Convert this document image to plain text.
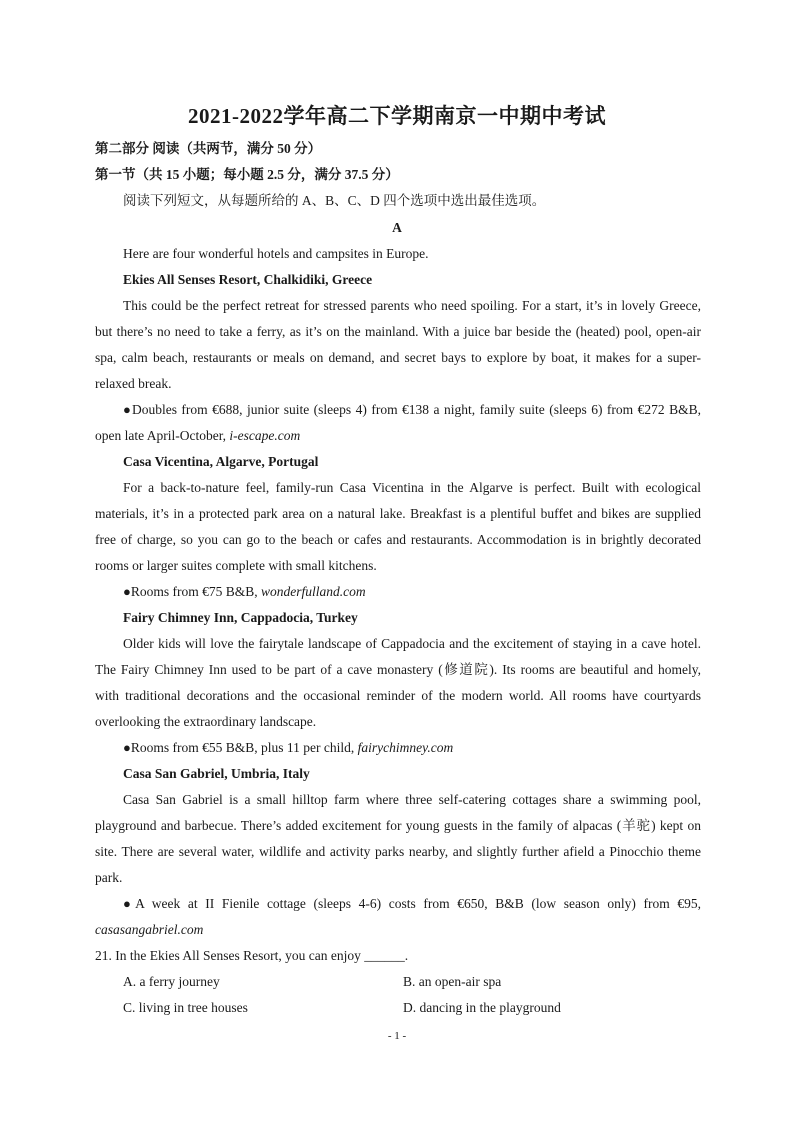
2021-2022学年高二下学期南京一中期中考试
第二部分 阅读（共两节，满分 50 分）
第一节（共 15 小题；每小题 2.5 分，满分 37.5 分）
阅读下列短文，从每题所给的 A、B、C、D 四个选项中选出最佳选项。
A
Here are four wonderful hotels and campsites in Europe.
Ekies All Senses Resort, Chalkidiki, Greece
This could be the perfect retreat for stressed parents who need spoiling. For a start, it’s in lovely Greece,
but there’s no need to take a ferry, as it’s on the mainland. With a juice bar beside the (heated) pool, open-air
spa, calm beach, restaurants or meals on demand, and secret bays to explore by boat, it makes for a super-
relaxed break.
●Doubles from €688, junior suite (sleeps 4) from €138 a night, family suite (sleeps 6) from €272 B&B,
open late April-October, i-escape.com
Casa Vicentina, Algarve, Portugal
For a back-to-nature feel, family-run Casa Vicentina in the Algarve is perfect. Built with ecological
materials, it’s in a protected park area on a natural lake. Breakfast is a plentiful buffet and bikes are supplied
free of charge, so you can go to the beach or cafes and restaurants. Accommodation is in brightly decorated
rooms or larger suites complete with small kitchens.
●Rooms from €75 B&B, wonderfulland.com
Fairy Chimney Inn, Cappadocia, Turkey
Older kids will love the fairytale landscape of Cappadocia and the excitement of staying in a cave hotel.
The Fairy Chimney Inn used to be part of a cave monastery (修道院). Its rooms are beautiful and homely,
with traditional decorations and the occasional reminder of the modern world. All rooms have courtyards
overlooking the extraordinary landscape.
●Rooms from €55 B&B, plus 11 per child, fairychimney.com
Casa San Gabriel, Umbria, Italy
Casa San Gabriel is a small hilltop farm where three self-catering cottages share a swimming pool,
playground and barbecue. There’s added excitement for young guests in the family of alpacas (羊驼) kept on
site. There are several water, wildlife and activity parks nearby, and slightly further afield a Pinocchio theme
park.
●A week at II Fienile cottage (sleeps 4-6) costs from €650, B&B (low season only) from €95,
casasangabriel.com
21. In the Ekies All Senses Resort, you can enjoy ______.
A. a ferry journey	B. an open-air spa
C. living in tree houses	D. dancing in the playground
- 1 -
